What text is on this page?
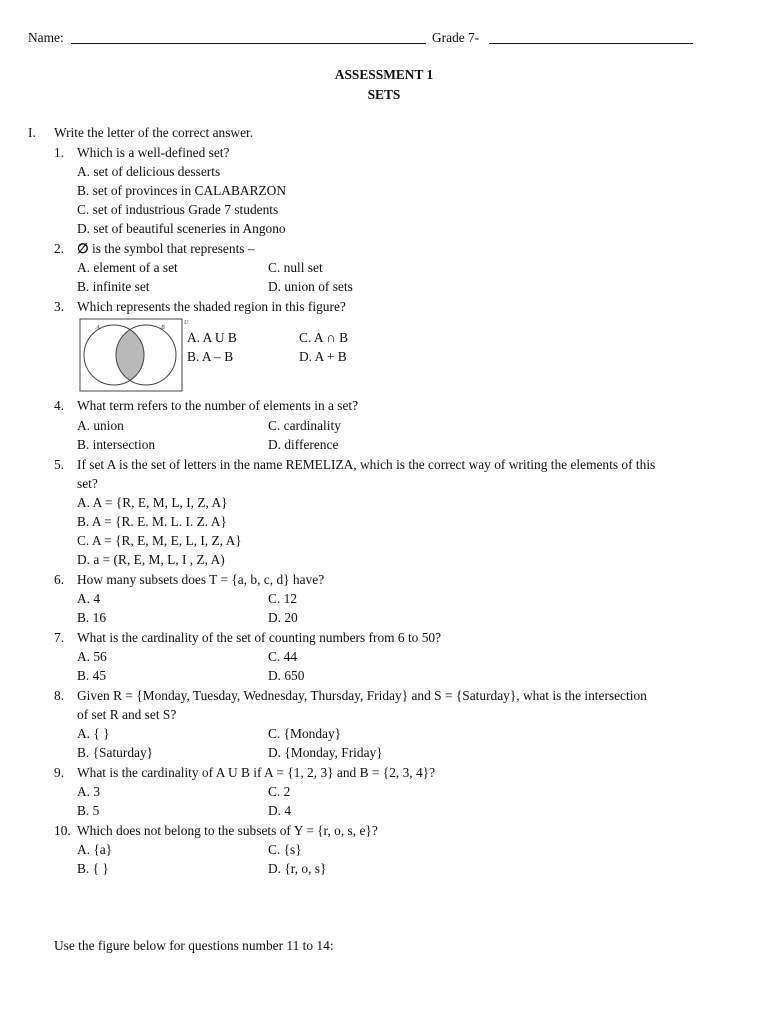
Name:	Grade 7-
ASSESSMENT 1
SETS
I. Write the letter of the correct answer.
1. Which is a well-defined set?
A. set of delicious desserts
B. set of provinces in CALABARZON
C. set of industrious Grade 7 students
D. set of beautiful sceneries in Angono
2. ∅ is the symbol that represents –
A. element of a set	C. null set
B. infinite set	D. union of sets
3. Which represents the shaded region in this figure?
A	B
U
A. A U B	C. A ∩ B
B. A – B	D. A + B
4. What term refers to the number of elements in a set?
A. union	C. cardinality
B. intersection	D. difference
5. If set A is the set of letters in the name REMELIZA, which is the correct way of writing the elements of this
set?
A. A = {R, E, M, L, I, Z, A}
B. A = {R. E. M. L. I. Z. A}
C. A = {R, E, M, E, L, I, Z, A}
D. a = (R, E, M, L, I , Z, A)
6. How many subsets does T = {a, b, c, d} have?
A. 4	C. 12
B. 16	D. 20
7. What is the cardinality of the set of counting numbers from 6 to 50?
A. 56	C. 44
B. 45	D. 650
8. Given R = {Monday, Tuesday, Wednesday, Thursday, Friday} and S = {Saturday}, what is the intersection
of set R and set S?
A. { }	C. {Monday}
B. {Saturday}	D. {Monday, Friday}
9. What is the cardinality of A U B if A = {1, 2, 3} and B = {2, 3, 4}?
A. 3	C. 2
B. 5	D. 4
10. Which does not belong to the subsets of Y = {r, o, s, e}?
A. {a}	C. {s}
B. { }	D. {r, o, s}
Use the figure below for questions number 11 to 14:
